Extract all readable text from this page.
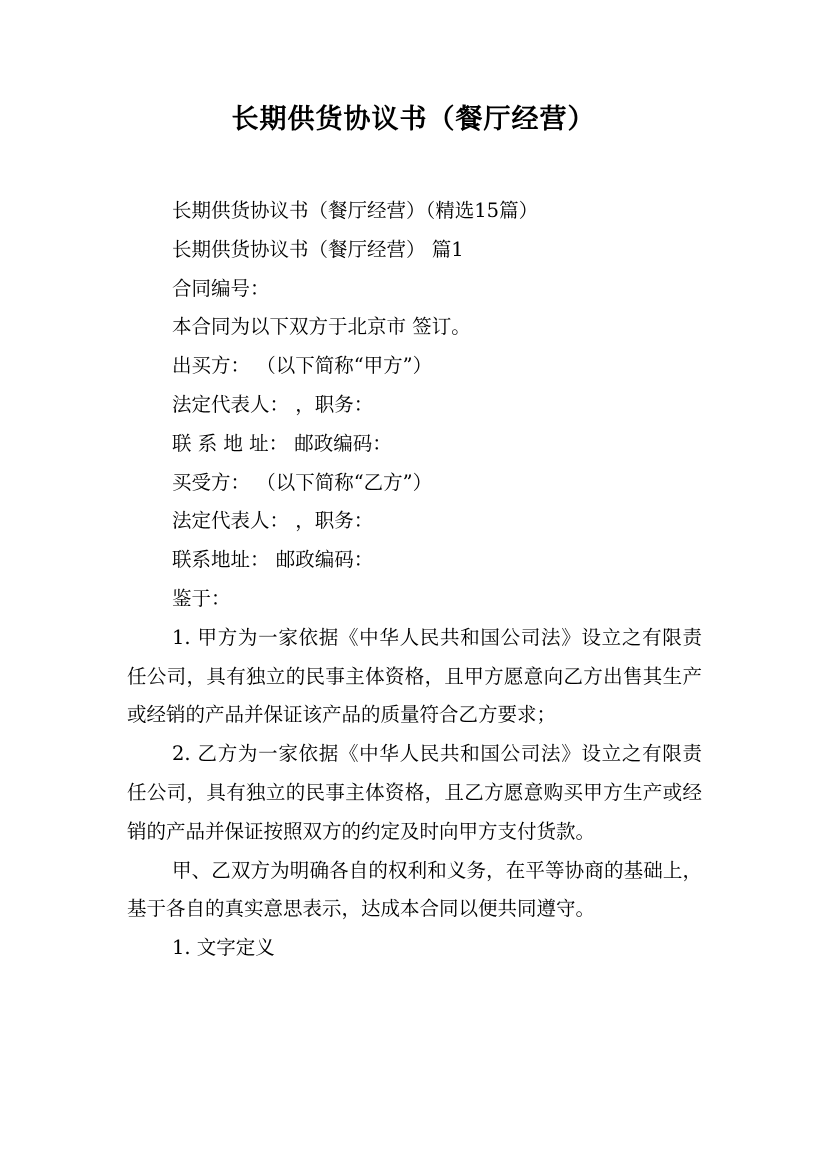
长期供货协议书（餐厅经营）

长期供货协议书（餐厅经营）（精选15篇）

长期供货协议书（餐厅经营） 篇1

合同编号：

本合同为以下双方于北京市 签订。

出买方： （以下简称“甲方”）

法定代表人： ，职务：

联 系 地 址： 邮政编码：

买受方： （以下简称“乙方”）

法定代表人： ，职务：

联系地址： 邮政编码：

鉴于：

1. 甲方为一家依据《中华人民共和国公司法》设立之有限责任公司，具有独立的民事主体资格，且甲方愿意向乙方出售其生产或经销的产品并保证该产品的质量符合乙方要求；

2. 乙方为一家依据《中华人民共和国公司法》设立之有限责任公司，具有独立的民事主体资格，且乙方愿意购买甲方生产或经销的产品并保证按照双方的约定及时向甲方支付货款。

甲、乙双方为明确各自的权利和义务，在平等协商的基础上，基于各自的真实意思表示，达成本合同以便共同遵守。

1. 文字定义
